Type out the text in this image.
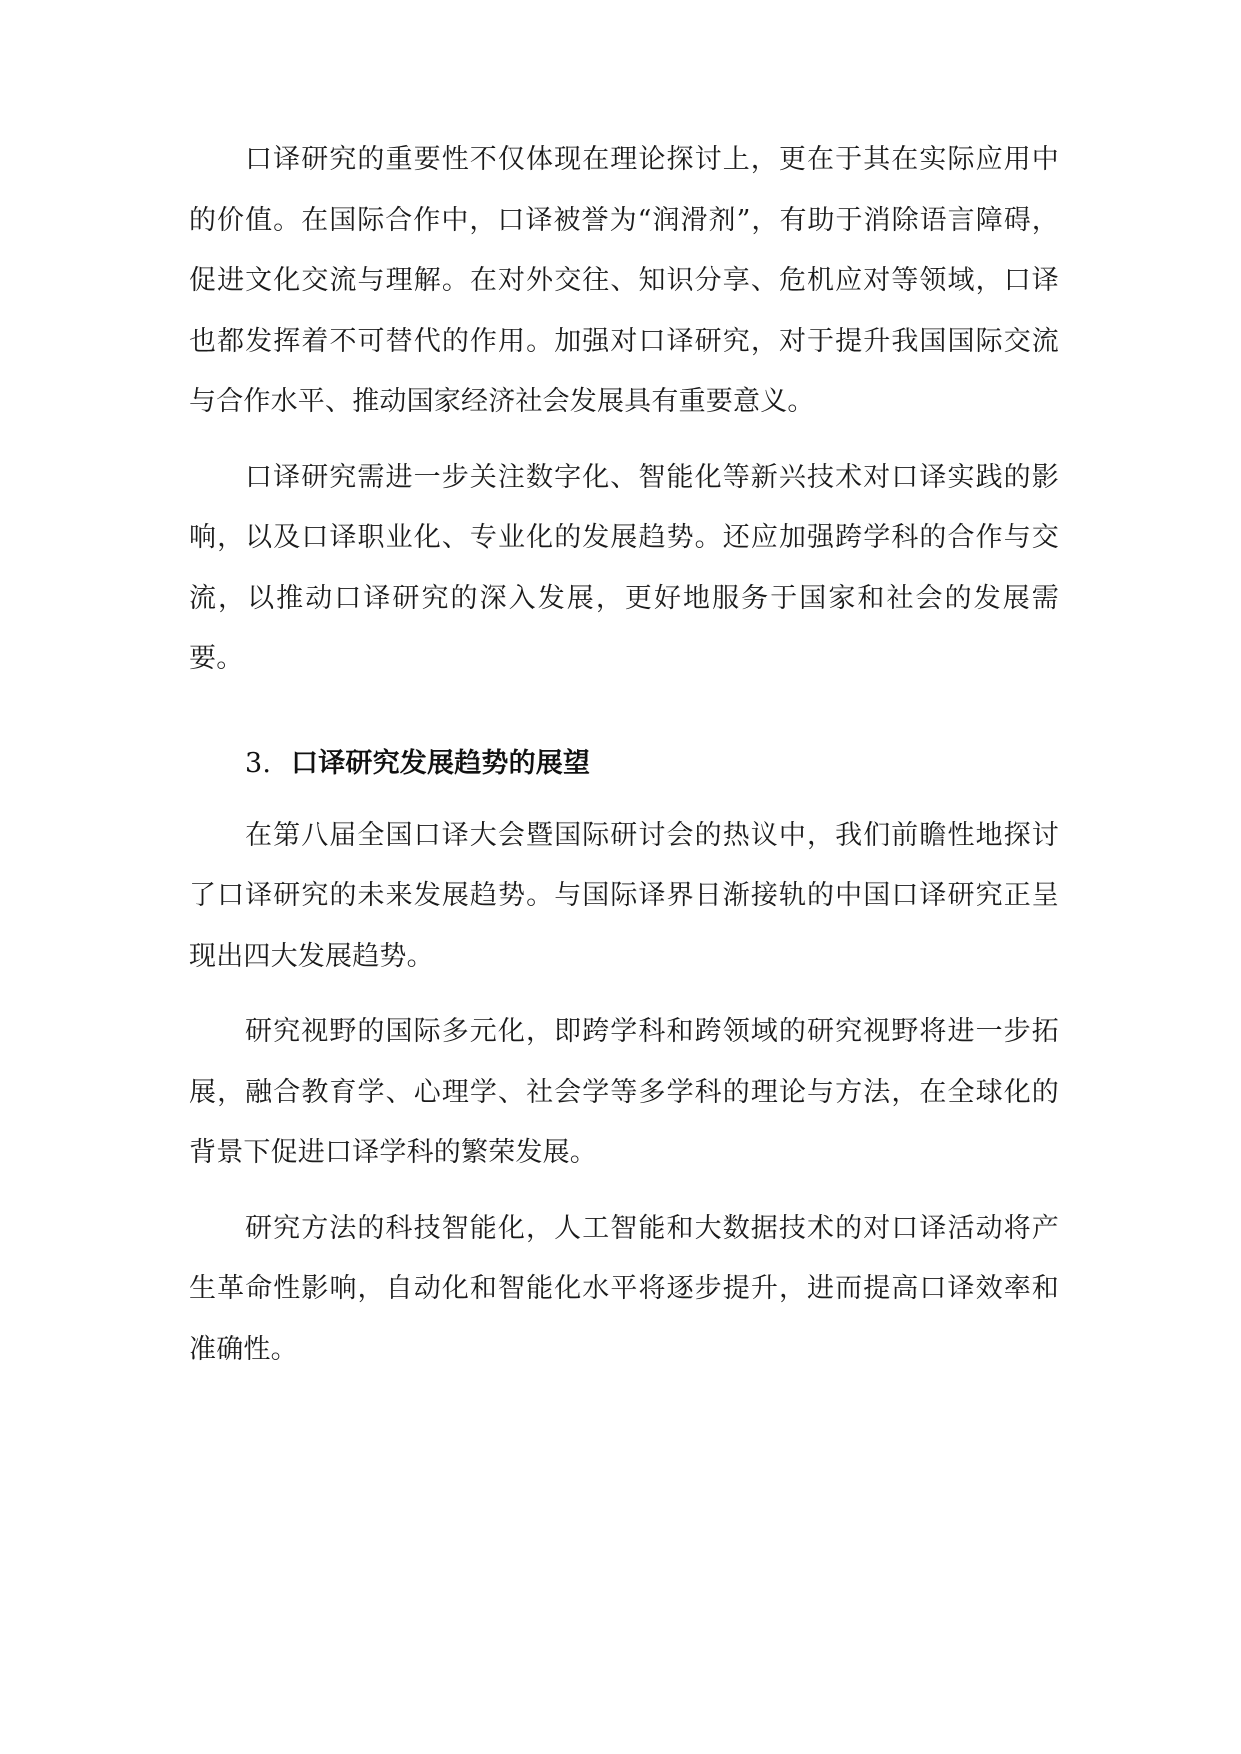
口译研究的重要性不仅体现在理论探讨上，更在于其在实际应用中的价值。在国际合作中，口译被誉为“润滑剂”，有助于消除语言障碍，促进文化交流与理解。在对外交往、知识分享、危机应对等领域，口译也都发挥着不可替代的作用。加强对口译研究，对于提升我国国际交流与合作水平、推动国家经济社会发展具有重要意义。

口译研究需进一步关注数字化、智能化等新兴技术对口译实践的影响，以及口译职业化、专业化的发展趋势。还应加强跨学科的合作与交流，以推动口译研究的深入发展，更好地服务于国家和社会的发展需要。

3. 口译研究发展趋势的展望

在第八届全国口译大会暨国际研讨会的热议中，我们前瞻性地探讨了口译研究的未来发展趋势。与国际译界日渐接轨的中国口译研究正呈现出四大发展趋势。

研究视野的国际多元化，即跨学科和跨领域的研究视野将进一步拓展，融合教育学、心理学、社会学等多学科的理论与方法，在全球化的背景下促进口译学科的繁荣发展。

研究方法的科技智能化，人工智能和大数据技术的对口译活动将产生革命性影响，自动化和智能化水平将逐步提升，进而提高口译效率和准确性。
